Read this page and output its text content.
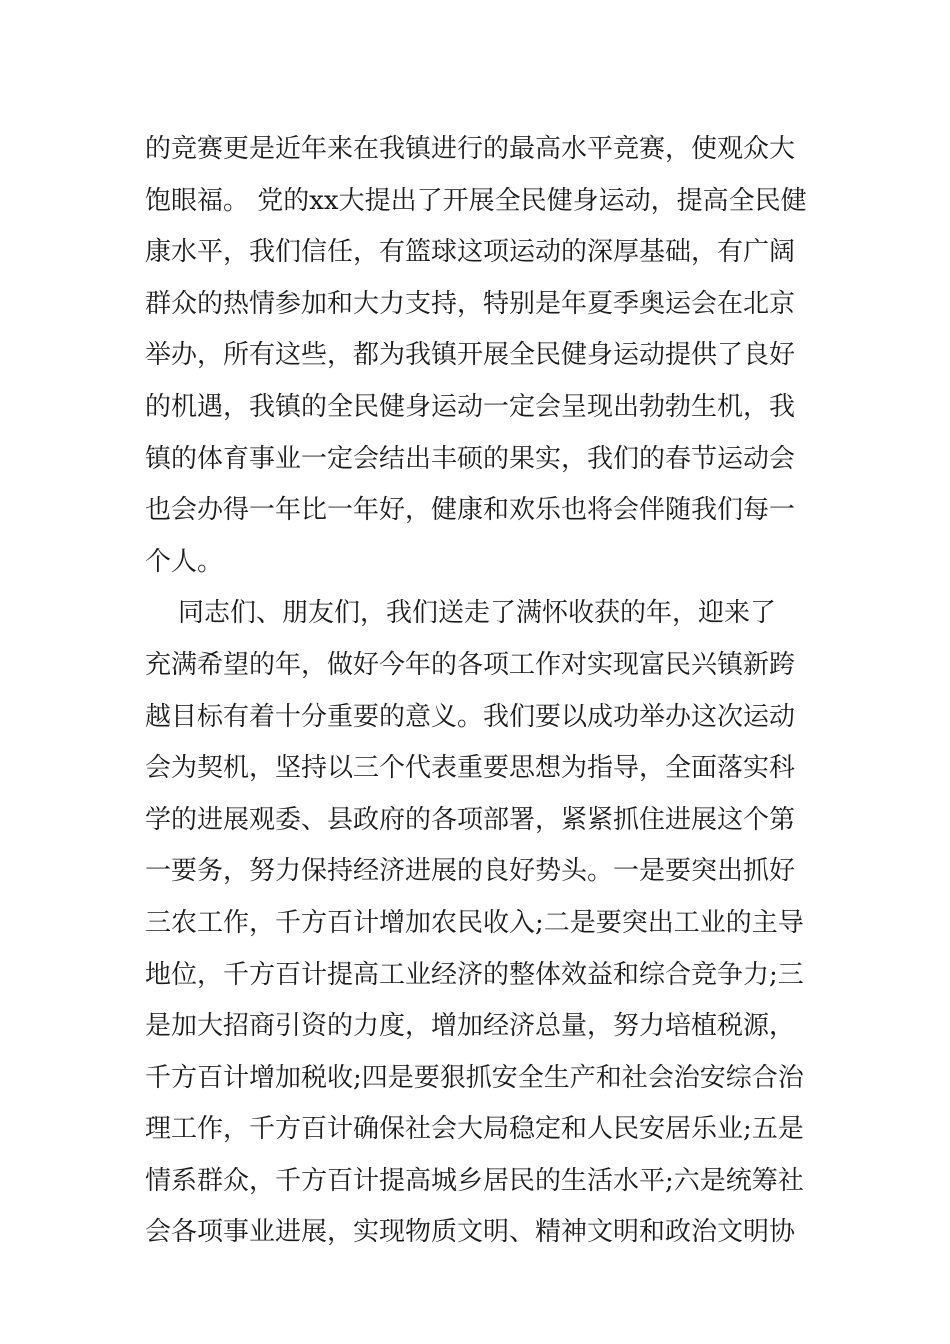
的竞赛更是近年来在我镇进行的最高水平竞赛，使观众大
饱眼福。 党的xx大提出了开展全民健身运动，提高全民健
康水平，我们信任，有篮球这项运动的深厚基础，有广阔
群众的热情参加和大力支持，特别是年夏季奥运会在北京
举办，所有这些，都为我镇开展全民健身运动提供了良好
的机遇，我镇的全民健身运动一定会呈现出勃勃生机，我
镇的体育事业一定会结出丰硕的果实，我们的春节运动会
也会办得一年比一年好，健康和欢乐也将会伴随我们每一
个人。
同志们、朋友们，我们送走了满怀收获的年，迎来了
充满希望的年，做好今年的各项工作对实现富民兴镇新跨
越目标有着十分重要的意义。我们要以成功举办这次运动
会为契机，坚持以三个代表重要思想为指导，全面落实科
学的进展观委、县政府的各项部署，紧紧抓住进展这个第
一要务，努力保持经济进展的良好势头。一是要突出抓好
三农工作，千方百计增加农民收入;二是要突出工业的主导
地位，千方百计提高工业经济的整体效益和综合竞争力;三
是加大招商引资的力度，增加经济总量，努力培植税源，
千方百计增加税收;四是要狠抓安全生产和社会治安综合治
理工作，千方百计确保社会大局稳定和人民安居乐业;五是
情系群众，千方百计提高城乡居民的生活水平;六是统筹社
会各项事业进展，实现物质文明、精神文明和政治文明协
